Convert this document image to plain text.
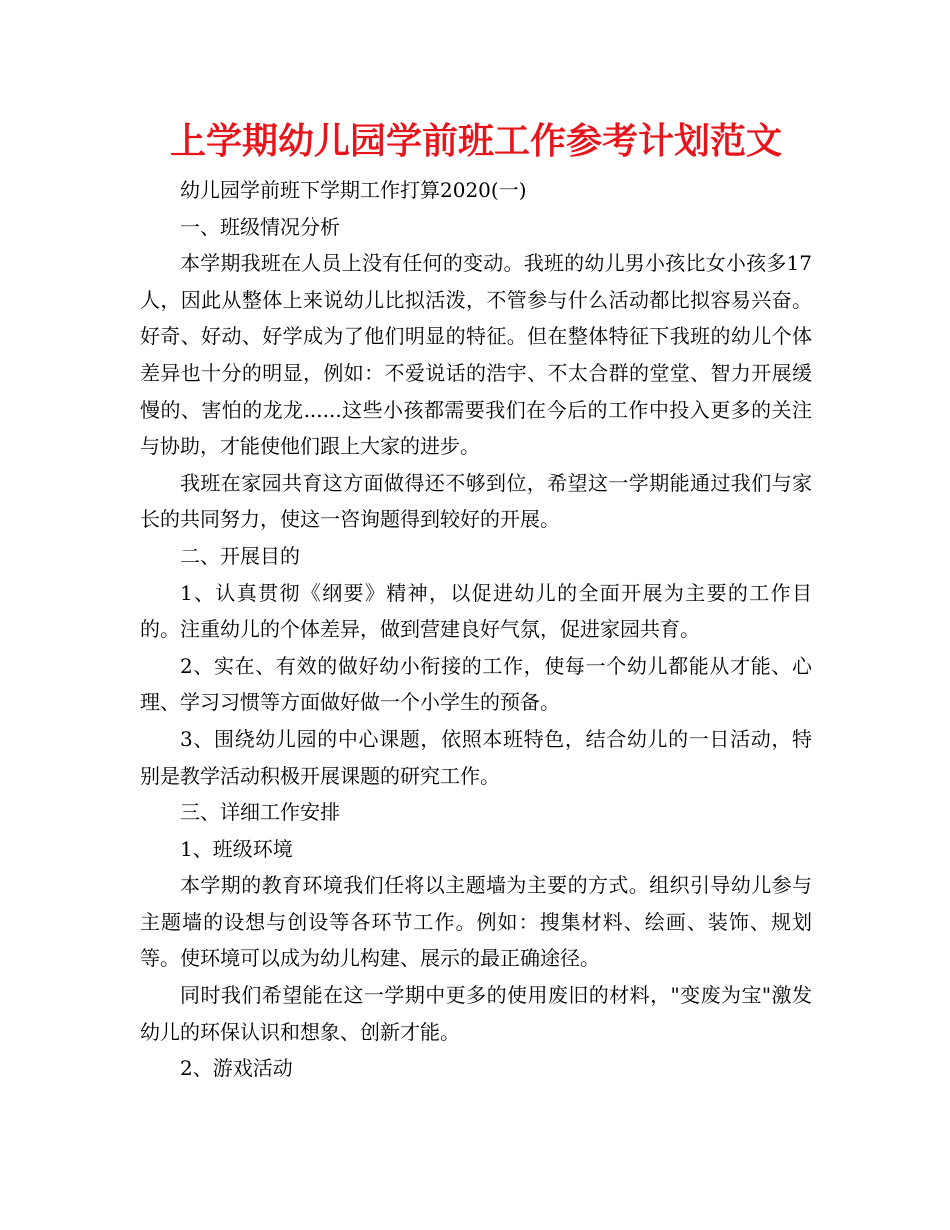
上学期幼儿园学前班工作参考计划范文

幼儿园学前班下学期工作打算2020(一)

一、班级情况分析

本学期我班在人员上没有任何的变动。我班的幼儿男小孩比女小孩多17人，因此从整体上来说幼儿比拟活泼，不管参与什么活动都比拟容易兴奋。好奇、好动、好学成为了他们明显的特征。但在整体特征下我班的幼儿个体差异也十分的明显，例如：不爱说话的浩宇、不太合群的堂堂、智力开展缓慢的、害怕的龙龙......这些小孩都需要我们在今后的工作中投入更多的关注与协助，才能使他们跟上大家的进步。

我班在家园共育这方面做得还不够到位，希望这一学期能通过我们与家长的共同努力，使这一咨询题得到较好的开展。

二、开展目的

1、认真贯彻《纲要》精神，以促进幼儿的全面开展为主要的工作目的。注重幼儿的个体差异，做到营建良好气氛，促进家园共育。

2、实在、有效的做好幼小衔接的工作，使每一个幼儿都能从才能、心理、学习习惯等方面做好做一个小学生的预备。

3、围绕幼儿园的中心课题，依照本班特色，结合幼儿的一日活动，特别是教学活动积极开展课题的研究工作。

三、详细工作安排

1、班级环境

本学期的教育环境我们任将以主题墙为主要的方式。组织引导幼儿参与主题墙的设想与创设等各环节工作。例如：搜集材料、绘画、装饰、规划等。使环境可以成为幼儿构建、展示的最正确途径。

同时我们希望能在这一学期中更多的使用废旧的材料，"变废为宝"激发幼儿的环保认识和想象、创新才能。

2、游戏活动
